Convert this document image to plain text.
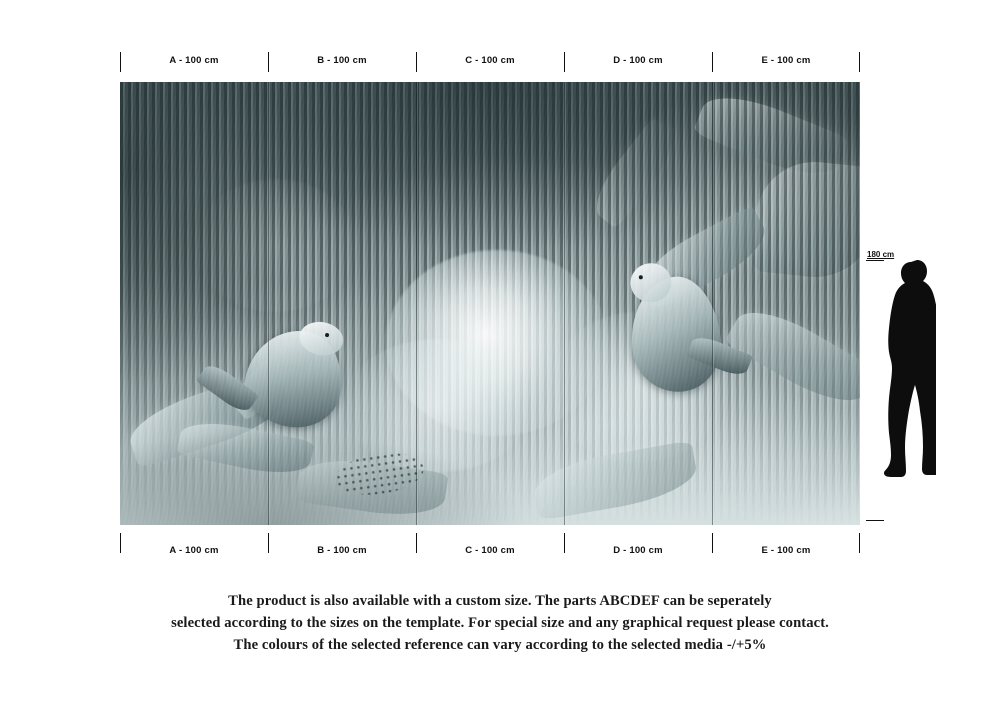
A - 100 cm	B - 100 cm	C - 100 cm	D - 100 cm	E - 100 cm
A - 100 cm	B - 100 cm	C - 100 cm	D - 100 cm	E - 100 cm
180 cm
The product is also available with a custom size. The parts ABCDEF can be seperately
selected according to the sizes on the template. For special size and any graphical request please contact.
The colours of the selected reference can vary according to the selected media -/+5%
